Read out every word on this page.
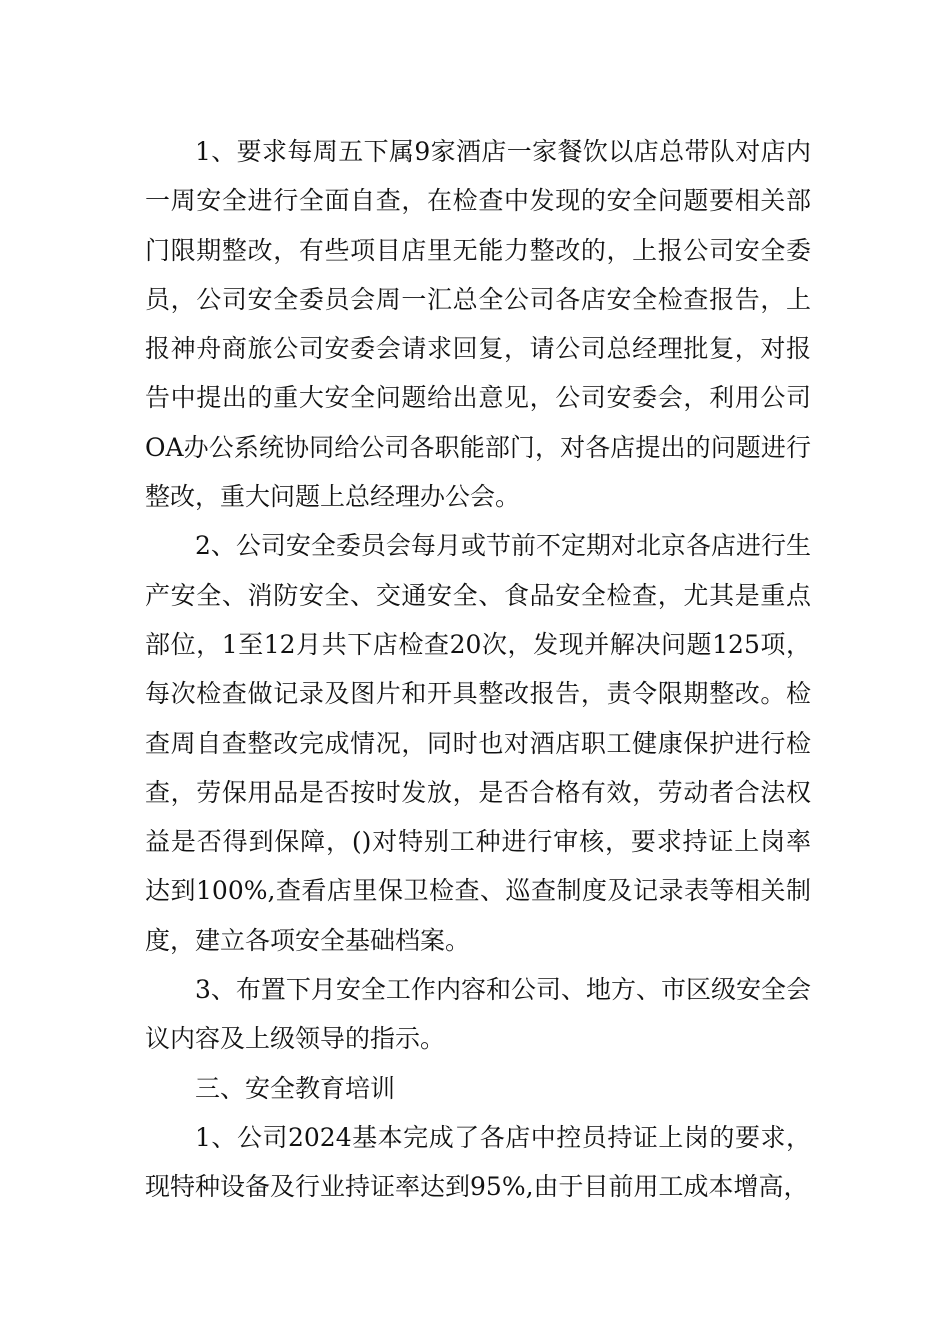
1、要求每周五下属9家酒店一家餐饮以店总带队对店内一周安全进行全面自查，在检查中发现的安全问题要相关部门限期整改，有些项目店里无能力整改的，上报公司安全委员，公司安全委员会周一汇总全公司各店安全检查报告，上报神舟商旅公司安委会请求回复，请公司总经理批复，对报告中提出的重大安全问题给出意见，公司安委会，利用公司OA办公系统协同给公司各职能部门，对各店提出的问题进行整改，重大问题上总经理办公会。

2、公司安全委员会每月或节前不定期对北京各店进行生产安全、消防安全、交通安全、食品安全检查，尤其是重点部位，1至12月共下店检查20次，发现并解决问题125项，每次检查做记录及图片和开具整改报告，责令限期整改。检查周自查整改完成情况，同时也对酒店职工健康保护进行检查，劳保用品是否按时发放，是否合格有效，劳动者合法权益是否得到保障，()对特别工种进行审核，要求持证上岗率达到100%,查看店里保卫检查、巡查制度及记录表等相关制度，建立各项安全基础档案。

3、布置下月安全工作内容和公司、地方、市区级安全会议内容及上级领导的指示。

三、安全教育培训

1、公司2024基本完成了各店中控员持证上岗的要求，现特种设备及行业持证率达到95%,由于目前用工成本增高，
